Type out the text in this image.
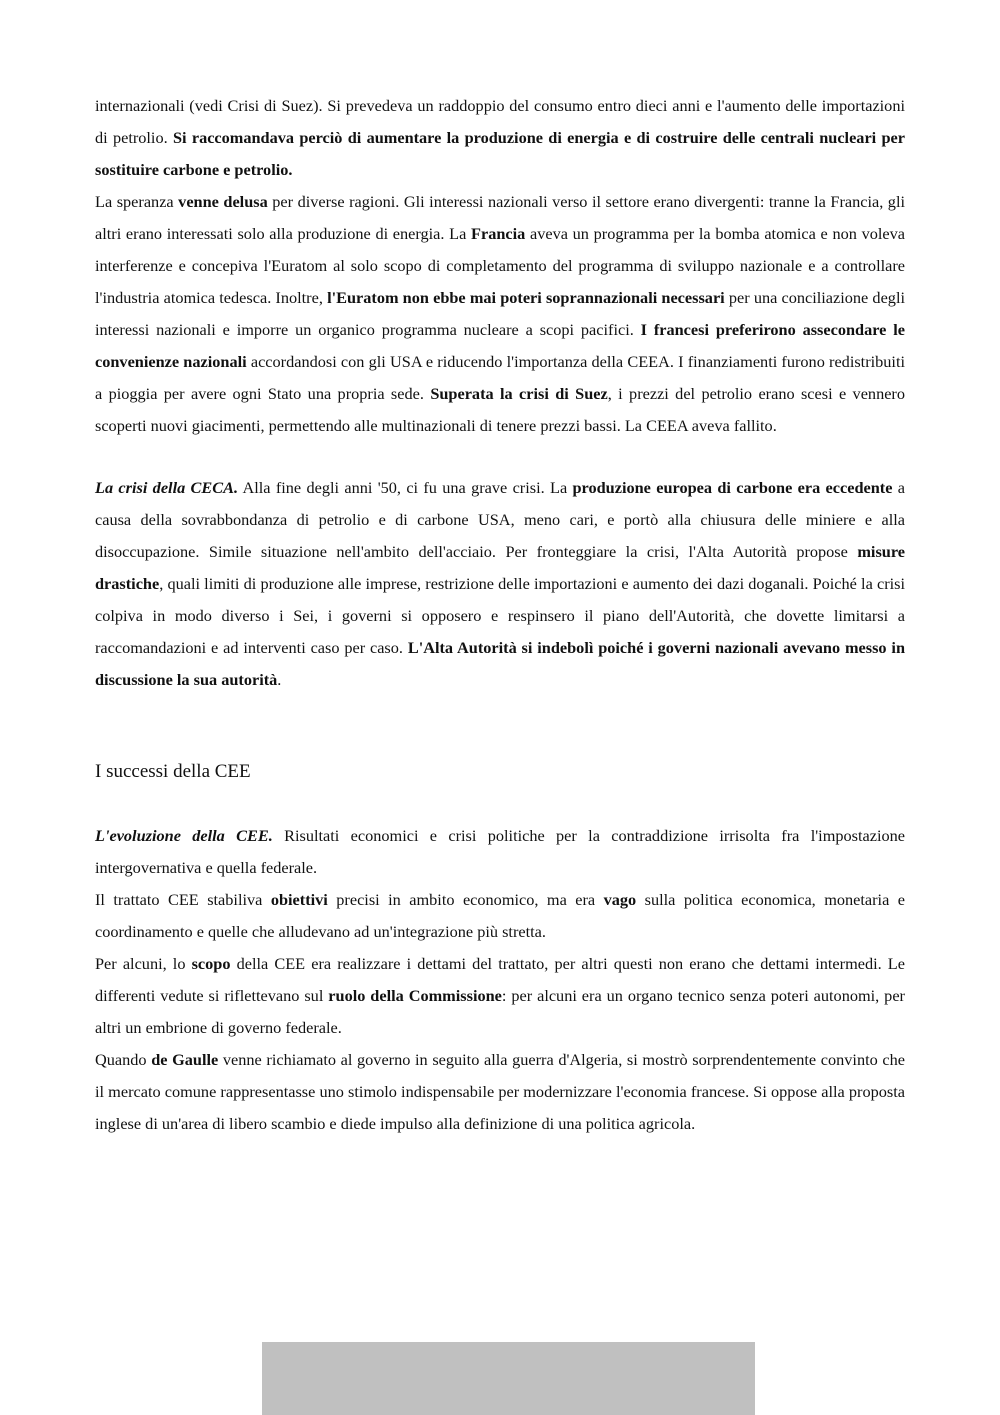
internazionali (vedi Crisi di Suez). Si prevedeva un raddoppio del consumo entro dieci anni e l'aumento delle importazioni di petrolio. Si raccomandava perciò di aumentare la produzione di energia e di costruire delle centrali nucleari per sostituire carbone e petrolio.

La speranza venne delusa per diverse ragioni. Gli interessi nazionali verso il settore erano divergenti: tranne la Francia, gli altri erano interessati solo alla produzione di energia. La Francia aveva un programma per la bomba atomica e non voleva interferenze e concepiva l'Euratom al solo scopo di completamento del programma di sviluppo nazionale e a controllare l'industria atomica tedesca. Inoltre, l'Euratom non ebbe mai poteri soprannazionali necessari per una conciliazione degli interessi nazionali e imporre un organico programma nucleare a scopi pacifici. I francesi preferirono assecondare le convenienze nazionali accordandosi con gli USA e riducendo l'importanza della CEEA. I finanziamenti furono redistribuiti a pioggia per avere ogni Stato una propria sede. Superata la crisi di Suez, i prezzi del petrolio erano scesi e vennero scoperti nuovi giacimenti, permettendo alle multinazionali di tenere prezzi bassi. La CEEA aveva fallito.

La crisi della CECA. Alla fine degli anni '50, ci fu una grave crisi. La produzione europea di carbone era eccedente a causa della sovrabbondanza di petrolio e di carbone USA, meno cari, e portò alla chiusura delle miniere e alla disoccupazione. Simile situazione nell'ambito dell'acciaio. Per fronteggiare la crisi, l'Alta Autorità propose misure drastiche, quali limiti di produzione alle imprese, restrizione delle importazioni e aumento dei dazi doganali. Poiché la crisi colpiva in modo diverso i Sei, i governi si opposero e respinsero il piano dell'Autorità, che dovette limitarsi a raccomandazioni e ad interventi caso per caso. L'Alta Autorità si indebolì poiché i governi nazionali avevano messo in discussione la sua autorità.

I successi della CEE

L'evoluzione della CEE. Risultati economici e crisi politiche per la contraddizione irrisolta fra l'impostazione intergovernativa e quella federale.

Il trattato CEE stabiliva obiettivi precisi in ambito economico, ma era vago sulla politica economica, monetaria e coordinamento e quelle che alludevano ad un'integrazione più stretta.

Per alcuni, lo scopo della CEE era realizzare i dettami del trattato, per altri questi non erano che dettami intermedi. Le differenti vedute si riflettevano sul ruolo della Commissione: per alcuni era un organo tecnico senza poteri autonomi, per altri un embrione di governo federale.

Quando de Gaulle venne richiamato al governo in seguito alla guerra d'Algeria, si mostrò sorprendentemente convinto che il mercato comune rappresentasse uno stimolo indispensabile per modernizzare l'economia francese. Si oppose alla proposta inglese di un'area di libero scambio e diede impulso alla definizione di una politica agricola.
